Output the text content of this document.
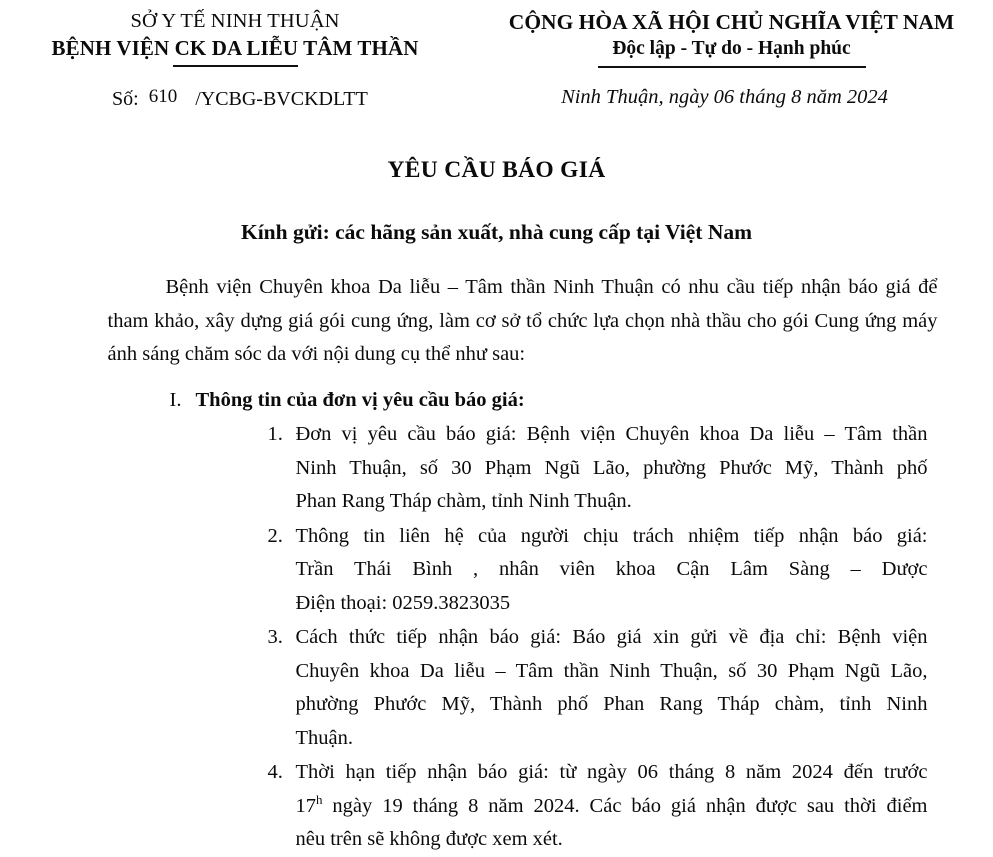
SỞ Y TẾ NINH THUẬN
BỆNH VIỆN CK DA LIỄU TÂM THẦN
CỘNG HÒA XÃ HỘI CHỦ NGHĨA VIỆT NAM
Độc lập - Tự do - Hạnh phúc
Số: 610 /YCBG-BVCKDLTT	Ninh Thuận, ngày 06 tháng 8 năm 2024
YÊU CẦU BÁO GIÁ
Kính gửi: các hãng sản xuất, nhà cung cấp tại Việt Nam
Bệnh viện Chuyên khoa Da liễu – Tâm thần Ninh Thuận có nhu cầu tiếp nhận báo giá để tham khảo, xây dựng giá gói cung ứng, làm cơ sở tổ chức lựa chọn nhà thầu cho gói Cung ứng máy ánh sáng chăm sóc da với nội dung cụ thể như sau:
I. Thông tin của đơn vị yêu cầu báo giá:
1. Đơn vị yêu cầu báo giá: Bệnh viện Chuyên khoa Da liễu – Tâm thần
Ninh Thuận, số 30 Phạm Ngũ Lão, phường Phước Mỹ, Thành phố
Phan Rang Tháp chàm, tỉnh Ninh Thuận.
2. Thông tin liên hệ của người chịu trách nhiệm tiếp nhận báo giá:
Trần Thái Bình , nhân viên khoa Cận Lâm Sàng – Dược
Điện thoại: 0259.3823035
3. Cách thức tiếp nhận báo giá: Báo giá xin gửi về địa chỉ: Bệnh viện
Chuyên khoa Da liễu – Tâm thần Ninh Thuận, số 30 Phạm Ngũ Lão,
phường Phước Mỹ, Thành phố Phan Rang Tháp chàm, tỉnh Ninh
Thuận.
4. Thời hạn tiếp nhận báo giá: từ ngày 06 tháng 8 năm 2024 đến trước
17$^h$ ngày 19 tháng 8 năm 2024. Các báo giá nhận được sau thời điểm
nêu trên sẽ không được xem xét.
